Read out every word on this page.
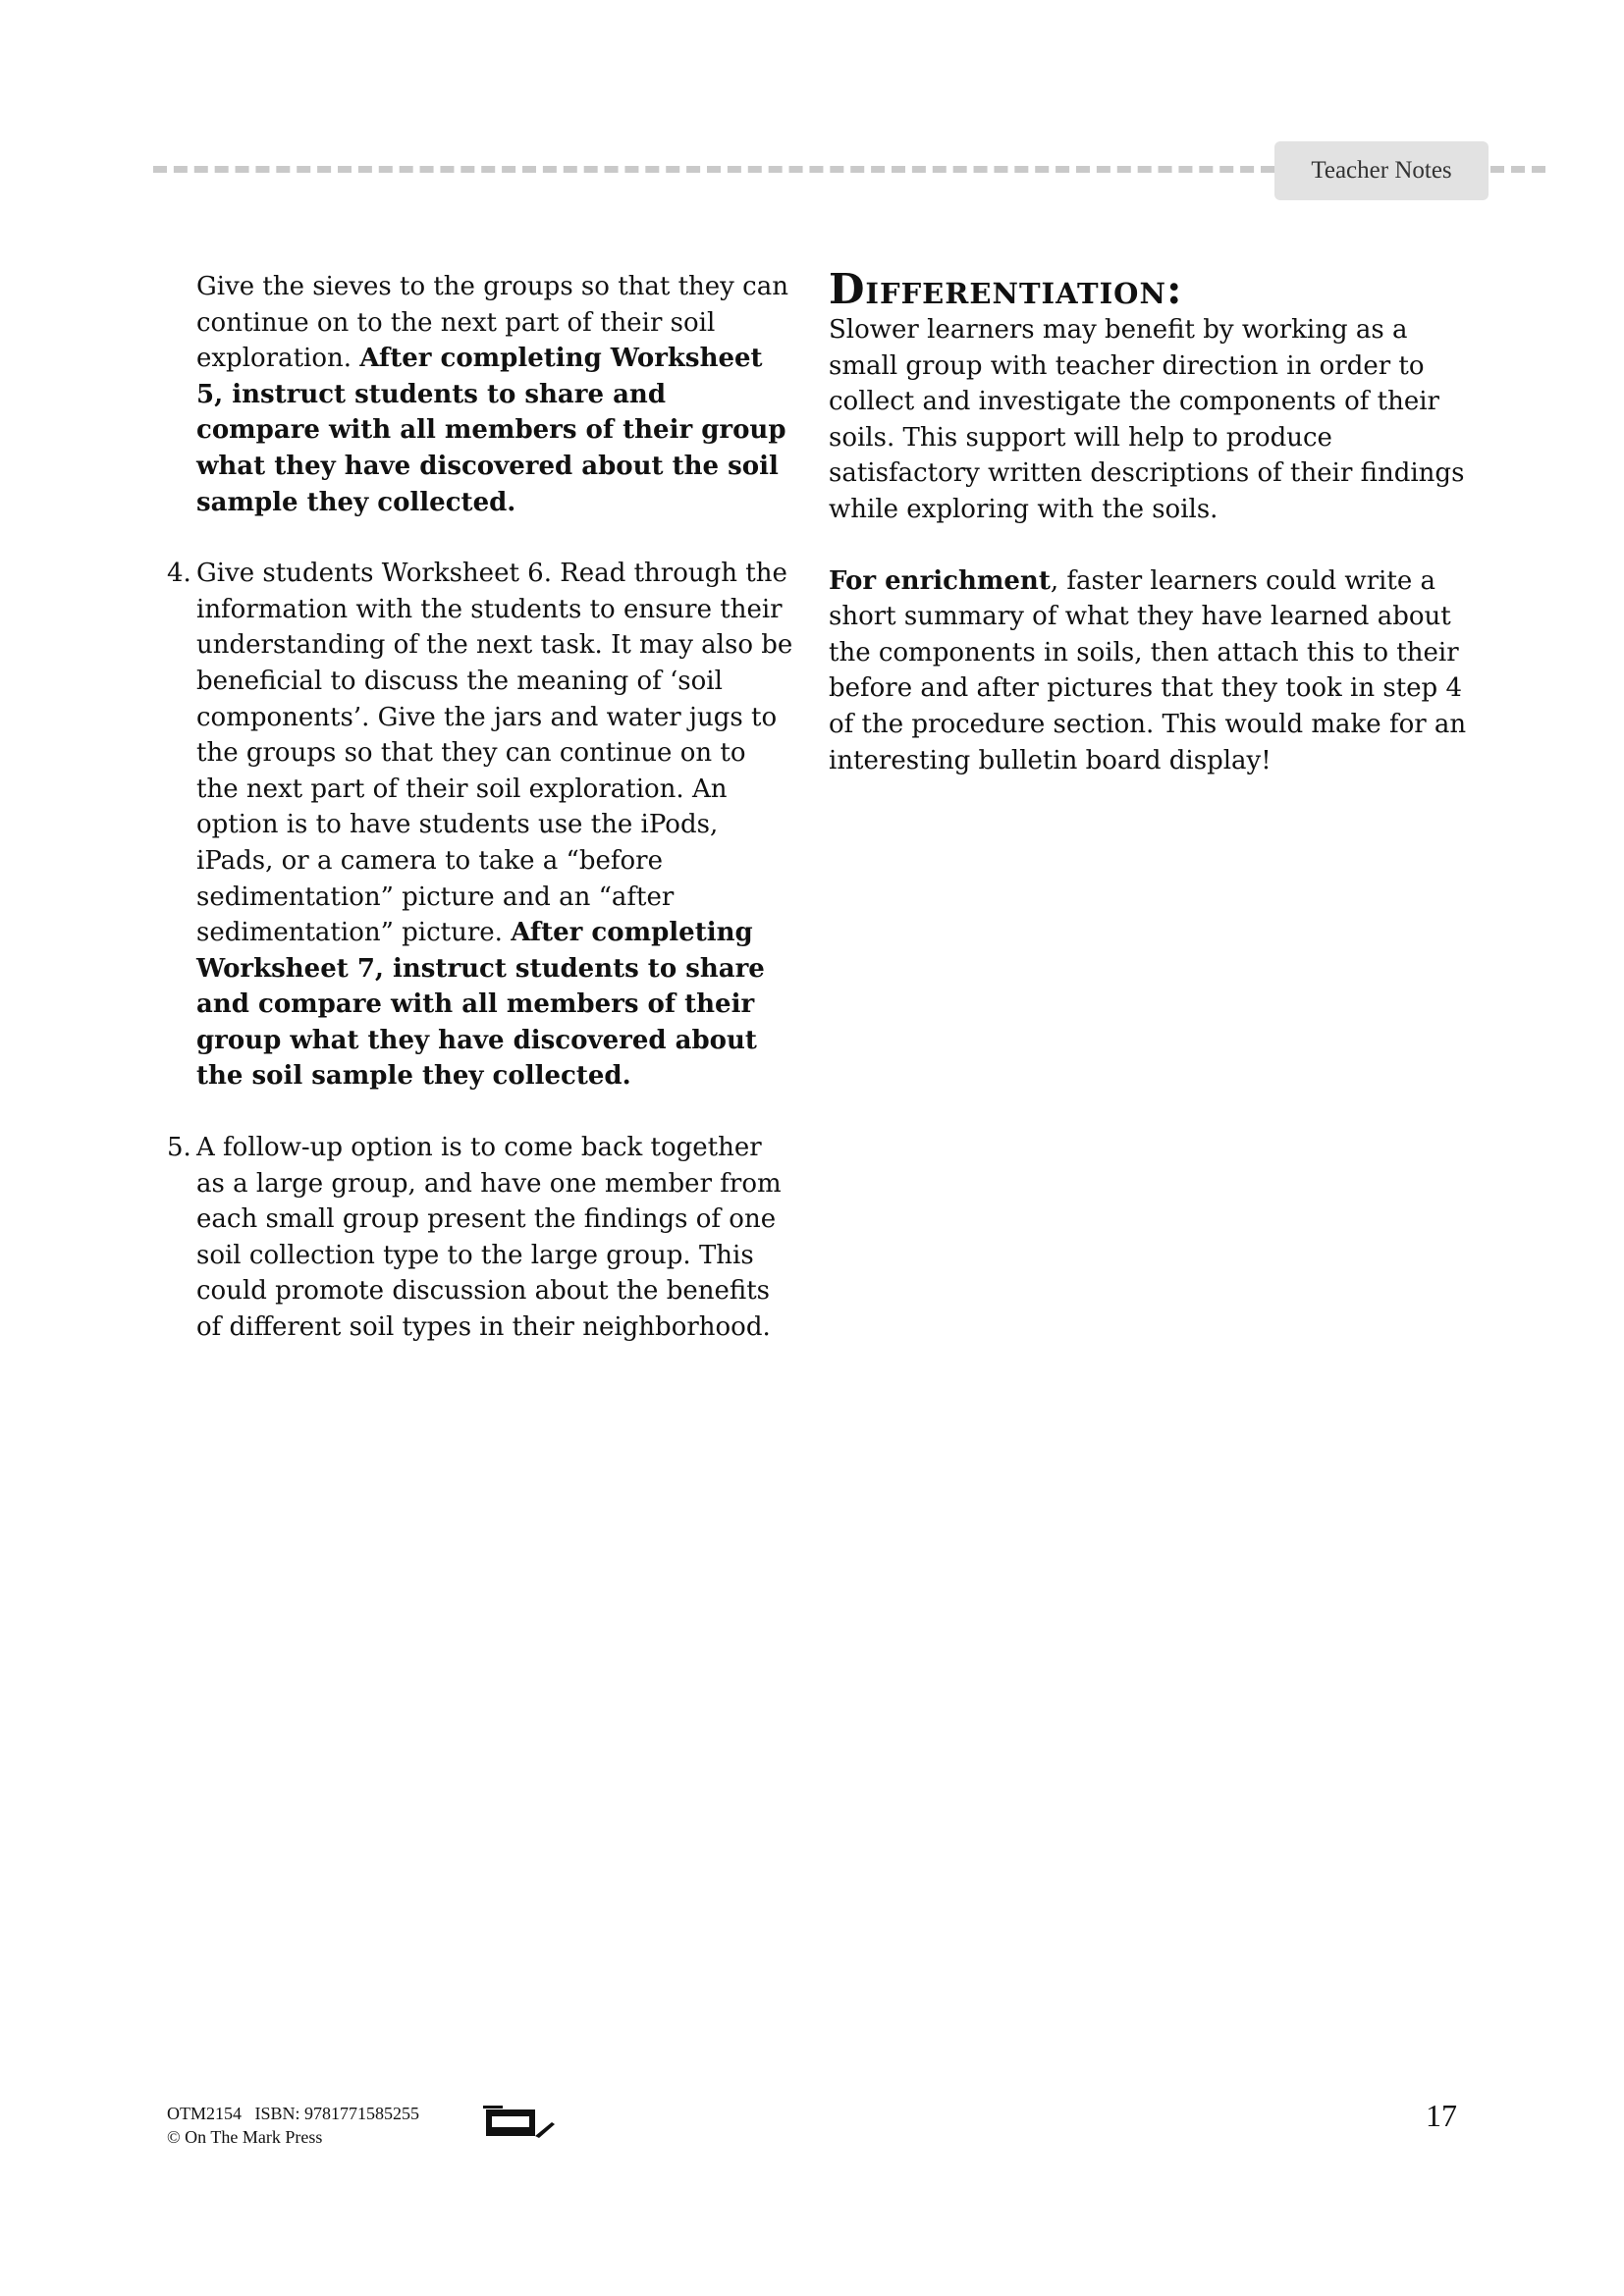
Teacher Notes

Give the sieves to the groups so that they can continue on to the next part of their soil exploration. After completing Worksheet 5, instruct students to share and compare with all members of their group what they have discovered about the soil sample they collected.

4. Give students Worksheet 6. Read through the information with the students to ensure their understanding of the next task. It may also be beneficial to discuss the meaning of ‘soil components’. Give the jars and water jugs to the groups so that they can continue on to the next part of their soil exploration. An option is to have students use the iPods, iPads, or a camera to take a “before sedimentation” picture and an “after sedimentation” picture. After completing Worksheet 7, instruct students to share and compare with all members of their group what they have discovered about the soil sample they collected.
5. A follow-up option is to come back together as a large group, and have one member from each small group present the findings of one soil collection type to the large group. This could promote discussion about the benefits of different soil types in their neighborhood.
Differentiation:

Slower learners may benefit by working as a small group with teacher direction in order to collect and investigate the components of their soils. This support will help to produce satisfactory written descriptions of their findings while exploring with the soils.

For enrichment, faster learners could write a short summary of what they have learned about the components in soils, then attach this to their before and after pictures that they took in step 4 of the procedure section. This would make for an interesting bulletin board display!

OTM2154 ISBN: 9781771585255
© On The Mark Press
17
